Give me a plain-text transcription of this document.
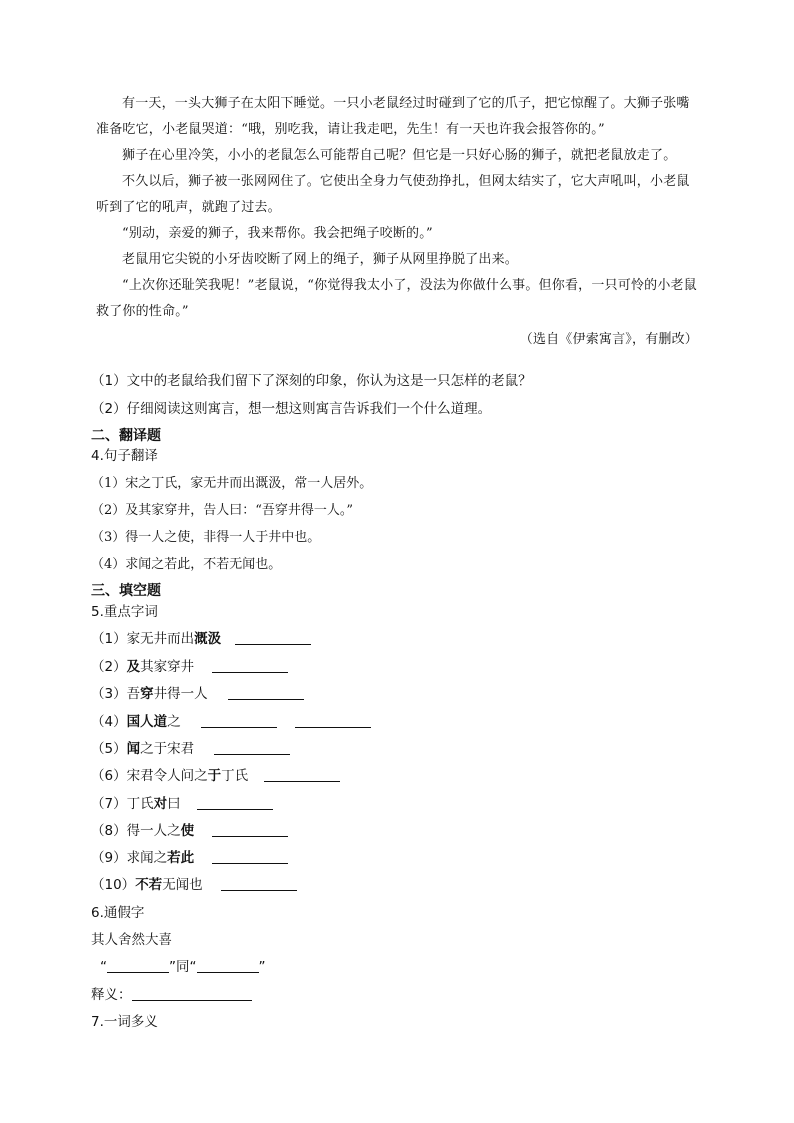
有一天，一头大狮子在太阳下睡觉。一只小老鼠经过时碰到了它的爪子，把它惊醒了。大狮子张嘴准备吃它，小老鼠哭道：“哦，别吃我，请让我走吧，先生！有一天也许我会报答你的。”

狮子在心里冷笑，小小的老鼠怎么可能帮自己呢？但它是一只好心肠的狮子，就把老鼠放走了。

不久以后，狮子被一张网网住了。它使出全身力气使劲挣扎，但网太结实了，它大声吼叫，小老鼠听到了它的吼声，就跑了过去。

“别动，亲爱的狮子，我来帮你。我会把绳子咬断的。”

老鼠用它尖锐的小牙齿咬断了网上的绳子，狮子从网里挣脱了出来。

“上次你还耻笑我呢！”老鼠说，“你觉得我太小了，没法为你做什么事。但你看，一只可怜的小老鼠救了你的性命。”

（选自《伊索寓言》，有删改）

（1）文中的老鼠给我们留下了深刻的印象，你认为这是一只怎样的老鼠？
（2）仔细阅读这则寓言，想一想这则寓言告诉我们一个什么道理。
二、翻译题
4.句子翻译
（1）宋之丁氏，家无井而出溉汲，常一人居外。
（2）及其家穿井，告人曰：“吾穿井得一人。”
（3）得一人之使，非得一人于井中也。
（4）求闻之若此，不若无闻也。
三、填空题
5.重点字词
（1）家无井而出溉汲
（2）及其家穿井
（3）吾穿井得一人
（4）国人道之
（5）闻之于宋君
（6）宋君令人问之于丁氏
（7）丁氏对曰
（8）得一人之使
（9）求闻之若此
（10）不若无闻也
6.通假字
其人舍然大喜
“	”同“	”
释义：
7.一词多义
